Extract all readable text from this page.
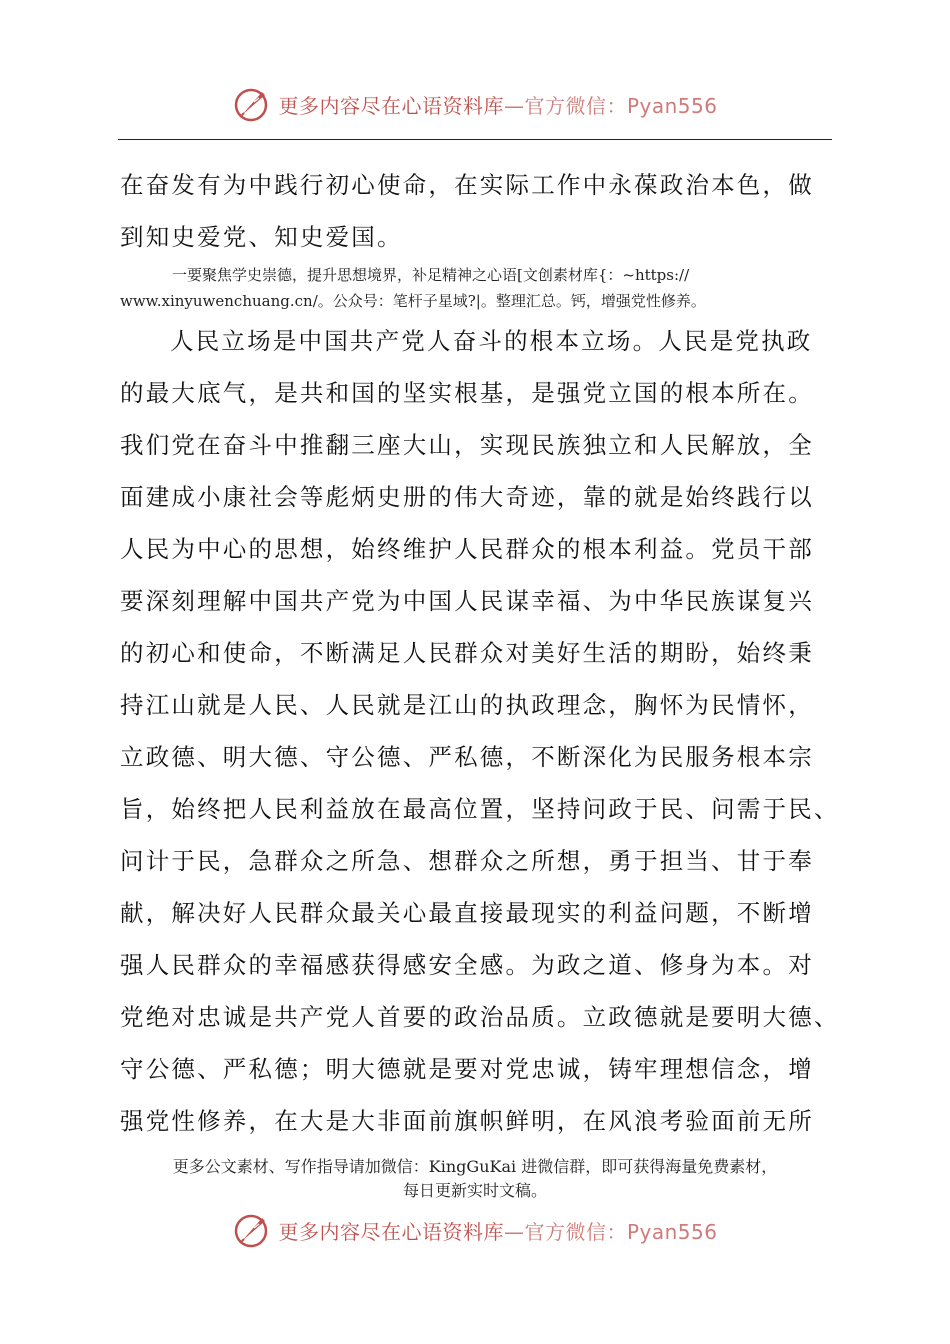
更多内容尽在心语资料库—官方微信：Pyan556
在奋发有为中践行初心使命，在实际工作中永葆政治本色，做
到知史爱党、知史爱国。
一要聚焦学史崇德，提升思想境界，补足精神之心语[文创素材库{：~https://
www.xinyuwenchuang.cn/。公众号：笔杆子星域?|。整理汇总。钙，增强党性修养。
人民立场是中国共产党人奋斗的根本立场。人民是党执政
的最大底气，是共和国的坚实根基，是强党立国的根本所在。
我们党在奋斗中推翻三座大山，实现民族独立和人民解放，全
面建成小康社会等彪炳史册的伟大奇迹，靠的就是始终践行以
人民为中心的思想，始终维护人民群众的根本利益。党员干部
要深刻理解中国共产党为中国人民谋幸福、为中华民族谋复兴
的初心和使命，不断满足人民群众对美好生活的期盼，始终秉
持江山就是人民、人民就是江山的执政理念，胸怀为民情怀，
立政德、明大德、守公德、严私德，不断深化为民服务根本宗
旨，始终把人民利益放在最高位置，坚持问政于民、问需于民、
问计于民，急群众之所急、想群众之所想，勇于担当、甘于奉
献，解决好人民群众最关心最直接最现实的利益问题，不断增
强人民群众的幸福感获得感安全感。为政之道、修身为本。对
党绝对忠诚是共产党人首要的政治品质。立政德就是要明大德、
守公德、严私德；明大德就是要对党忠诚，铸牢理想信念，增
强党性修养，在大是大非面前旗帜鲜明，在风浪考验面前无所
更多公文素材、写作指导请加微信：KingGuKai 进微信群，即可获得海量免费素材，
每日更新实时文稿。
更多内容尽在心语资料库—官方微信：Pyan556
